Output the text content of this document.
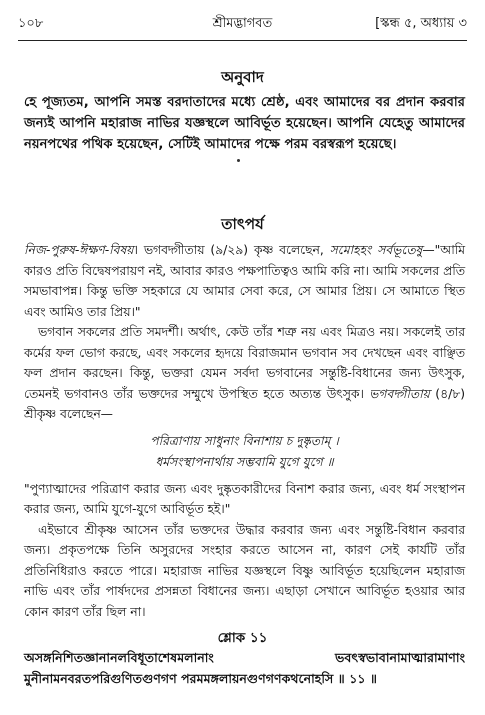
১০৮	শ্রীমদ্ভাগবত	[স্কন্ধ ৫, অধ্যায় ৩
অনুবাদ
হে পূজ্যতম, আপনি সমস্ত বরদাতাদের মধ্যে শ্রেষ্ঠ, এবং আমাদের বর প্রদান করবার জন্যই আপনি মহারাজ নাভির যজ্ঞস্থলে আবির্ভূত হয়েছেন। আপনি যেহেতু আমাদের নয়নপথের পথিক হয়েছেন, সেটিই আমাদের পক্ষে পরম বরস্বরূপ হয়েছে।
তাৎপর্য

নিজ-পুরুষ-ঈক্ষণ-বিষয়। ভগবদ্গীতায় (৯/২৯) কৃষ্ণ বলেছেন, সমোহহং সর্বভূতেষু—"আমি কারও প্রতি বিদ্বেষপরায়ণ নই, আবার কারও পক্ষপাতিত্বও আমি করি না। আমি সকলের প্রতি সমভাবাপন্ন। কিন্তু ভক্তি সহকারে যে আমার সেবা করে, সে আমার প্রিয়। সে আমাতে স্থিত এবং আমিও তার প্রিয়।"

ভগবান সকলের প্রতি সমদর্শী। অর্থাৎ, কেউ তাঁর শত্রু নয় এবং মিত্রও নয়। সকলেই তার কর্মের ফল ভোগ করছে, এবং সকলের হৃদয়ে বিরাজমান ভগবান সব দেখছেন এবং বাঞ্ছিত ফল প্রদান করছেন। কিন্তু, ভক্তরা যেমন সর্বদা ভগবানের সন্তুষ্টি-বিধানের জন্য উৎসুক, তেমনই ভগবানও তাঁর ভক্তদের সম্মুখে উপস্থিত হতে অত্যন্ত উৎসুক। ভগবদ্গীতায় (৪/৮) শ্রীকৃষ্ণ বলেছেন—

পরিত্রাণায় সাধুনাং বিনাশায় চ দুষ্কৃতাম্‌ ।
ধর্মসংস্থাপনার্থায় সম্ভবামি যুগে যুগে ॥

"পুণ্যাত্মাদের পরিত্রাণ করার জন্য এবং দুষ্কৃতকারীদের বিনাশ করার জন্য, এবং ধর্ম সংস্থাপন করার জন্য, আমি যুগে-যুগে আবির্ভূত হই।"

এইভাবে শ্রীকৃষ্ণ আসেন তাঁর ভক্তদের উদ্ধার করবার জন্য এবং সন্তুষ্টি-বিধান করবার জন্য। প্রকৃতপক্ষে তিনি অসুরদের সংহার করতে আসেন না, কারণ সেই কার্যটি তাঁর প্রতিনিধিরাও করতে পারে। মহারাজ নাভির যজ্ঞস্থলে বিষ্ণু আবির্ভূত হয়েছিলেন মহারাজ নাভি এবং তাঁর পার্ষদদের প্রসন্নতা বিধানের জন্য। এছাড়া সেখানে আবির্ভূত হওয়ার আর কোন কারণ তাঁর ছিল না।

শ্লোক ১১
অসঙ্গনিশিতজ্ঞানানলবিধূতাশেষমলানাং ভবৎস্বভাবানামাত্মারামাণাং মুনীনামনবরতপরিগুণিতগুণগণ পরমমঙ্গলায়নগুণগণকথনোহসি ॥ ১১ ॥
